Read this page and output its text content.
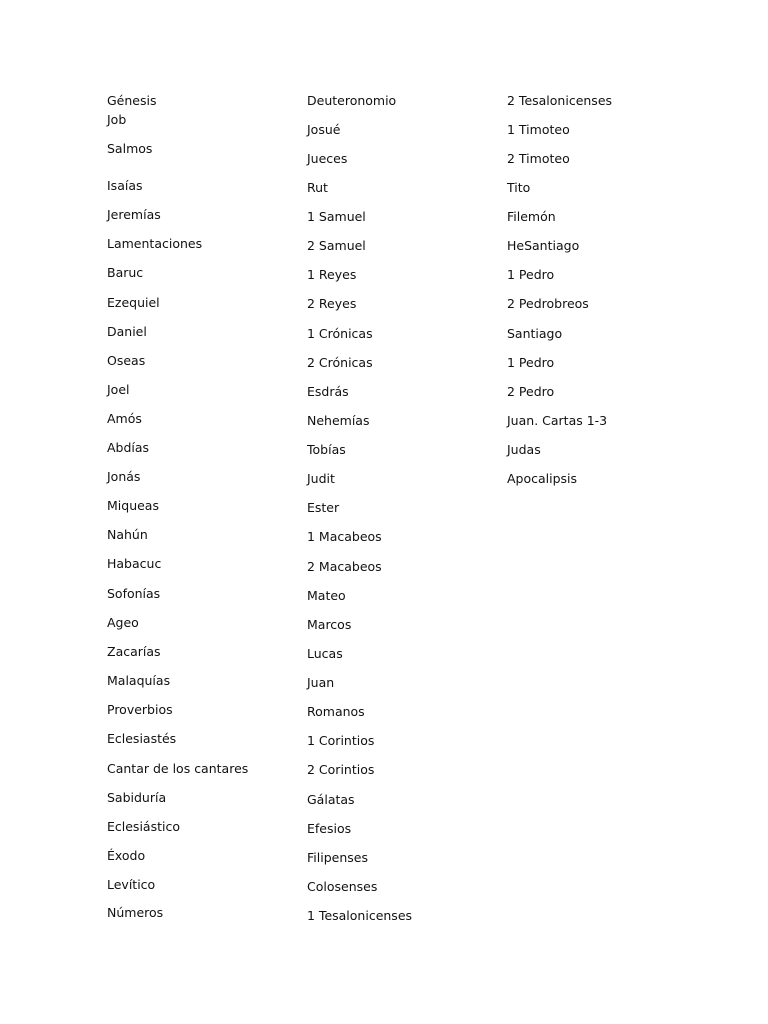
Génesis
Job
Salmos
Isaías
Jeremías
Lamentaciones
Baruc
Ezequiel
Daniel
Oseas
Joel
Amós
Abdías
Jonás
Miqueas
Nahún
Habacuc
Sofonías
Ageo
Zacarías
Malaquías
Proverbios
Eclesiastés
Cantar de los cantares
Sabiduría
Eclesiástico
Éxodo
Levítico
Números
Deuteronomio
Josué
Jueces
Rut
1 Samuel
2 Samuel
1 Reyes
2 Reyes
1 Crónicas
2 Crónicas
Esdrás
Nehemías
Tobías
Judit
Ester
1 Macabeos
2 Macabeos
Mateo
Marcos
Lucas
Juan
Romanos
1 Corintios
2 Corintios
Gálatas
Efesios
Filipenses
Colosenses
1 Tesalonicenses
2 Tesalonicenses
1 Timoteo
2 Timoteo
Tito
Filemón
HeSantiago
1 Pedro
2 Pedrobreos
Santiago
1 Pedro
2 Pedro
Juan. Cartas 1-3
Judas
Apocalipsis
